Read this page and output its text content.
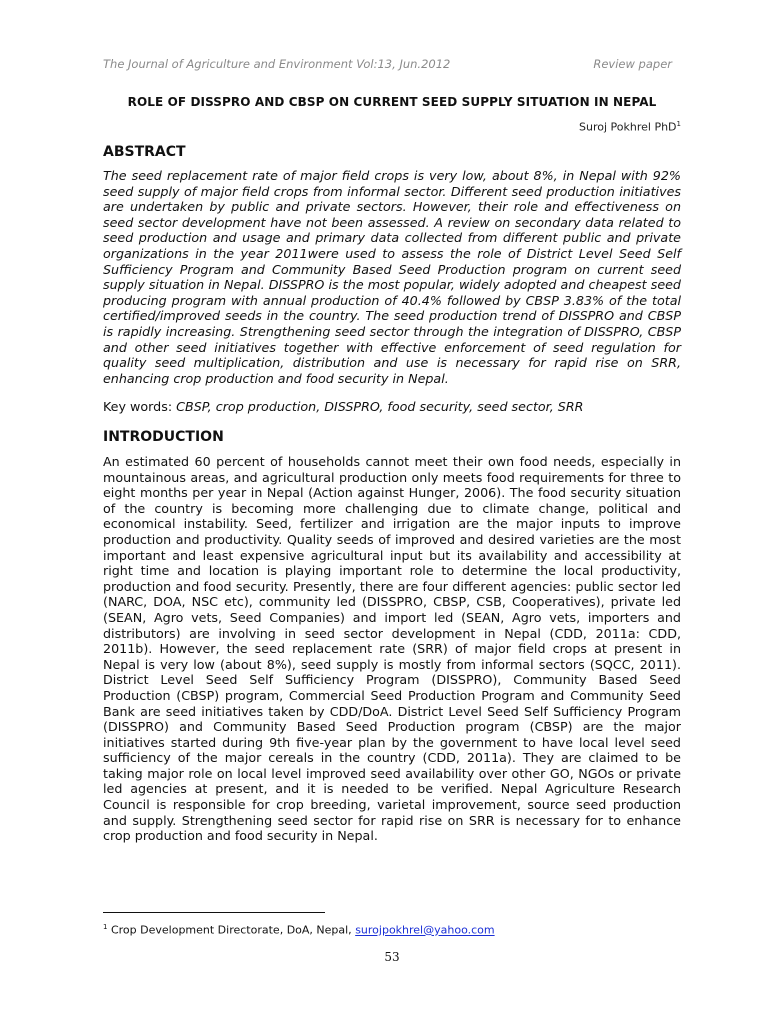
The Journal of Agriculture and Environment Vol:13, Jun.2012	Review paper
ROLE OF DISSPRO AND CBSP ON CURRENT SEED SUPPLY SITUATION IN NEPAL
Suroj Pokhrel PhD$^1$
ABSTRACT
The seed replacement rate of major field crops is very low, about 8%, in Nepal with 92% seed supply of major field crops from informal sector. Different seed production initiatives are undertaken by public and private sectors. However, their role and effectiveness on seed sector development have not been assessed. A review on secondary data related to seed production and usage and primary data collected from different public and private organizations in the year 2011were used to assess the role of District Level Seed Self Sufficiency Program and Community Based Seed Production program on current seed supply situation in Nepal. DISSPRO is the most popular, widely adopted and cheapest seed producing program with annual production of 40.4% followed by CBSP 3.83% of the total certified/improved seeds in the country. The seed production trend of DISSPRO and CBSP is rapidly increasing. Strengthening seed sector through the integration of DISSPRO, CBSP and other seed initiatives together with effective enforcement of seed regulation for quality seed multiplication, distribution and use is necessary for rapid rise on SRR, enhancing crop production and food security in Nepal.
Key words: CBSP, crop production, DISSPRO, food security, seed sector, SRR
INTRODUCTION
An estimated 60 percent of households cannot meet their own food needs, especially in mountainous areas, and agricultural production only meets food requirements for three to eight months per year in Nepal (Action against Hunger, 2006). The food security situation of the country is becoming more challenging due to climate change, political and economical instability. Seed, fertilizer and irrigation are the major inputs to improve production and productivity. Quality seeds of improved and desired varieties are the most important and least expensive agricultural input but its availability and accessibility at right time and location is playing important role to determine the local productivity, production and food security. Presently, there are four different agencies: public sector led (NARC, DOA, NSC etc), community led (DISSPRO, CBSP, CSB, Cooperatives), private led (SEAN, Agro vets, Seed Companies) and import led (SEAN, Agro vets, importers and distributors) are involving in seed sector development in Nepal (CDD, 2011a: CDD, 2011b). However, the seed replacement rate (SRR) of major field crops at present in Nepal is very low (about 8%), seed supply is mostly from informal sectors (SQCC, 2011). District Level Seed Self Sufficiency Program (DISSPRO), Community Based Seed Production (CBSP) program, Commercial Seed Production Program and Community Seed Bank are seed initiatives taken by CDD/DoA. District Level Seed Self Sufficiency Program (DISSPRO) and Community Based Seed Production program (CBSP) are the major initiatives started during 9th five-year plan by the government to have local level seed sufficiency of the major cereals in the country (CDD, 2011a). They are claimed to be taking major role on local level improved seed availability over other GO, NGOs or private led agencies at present, and it is needed to be verified. Nepal Agriculture Research Council is responsible for crop breeding, varietal improvement, source seed production and supply. Strengthening seed sector for rapid rise on SRR is necessary for to enhance crop production and food security in Nepal.
$^1$ Crop Development Directorate, DoA, Nepal, surojpokhrel@yahoo.com
53
